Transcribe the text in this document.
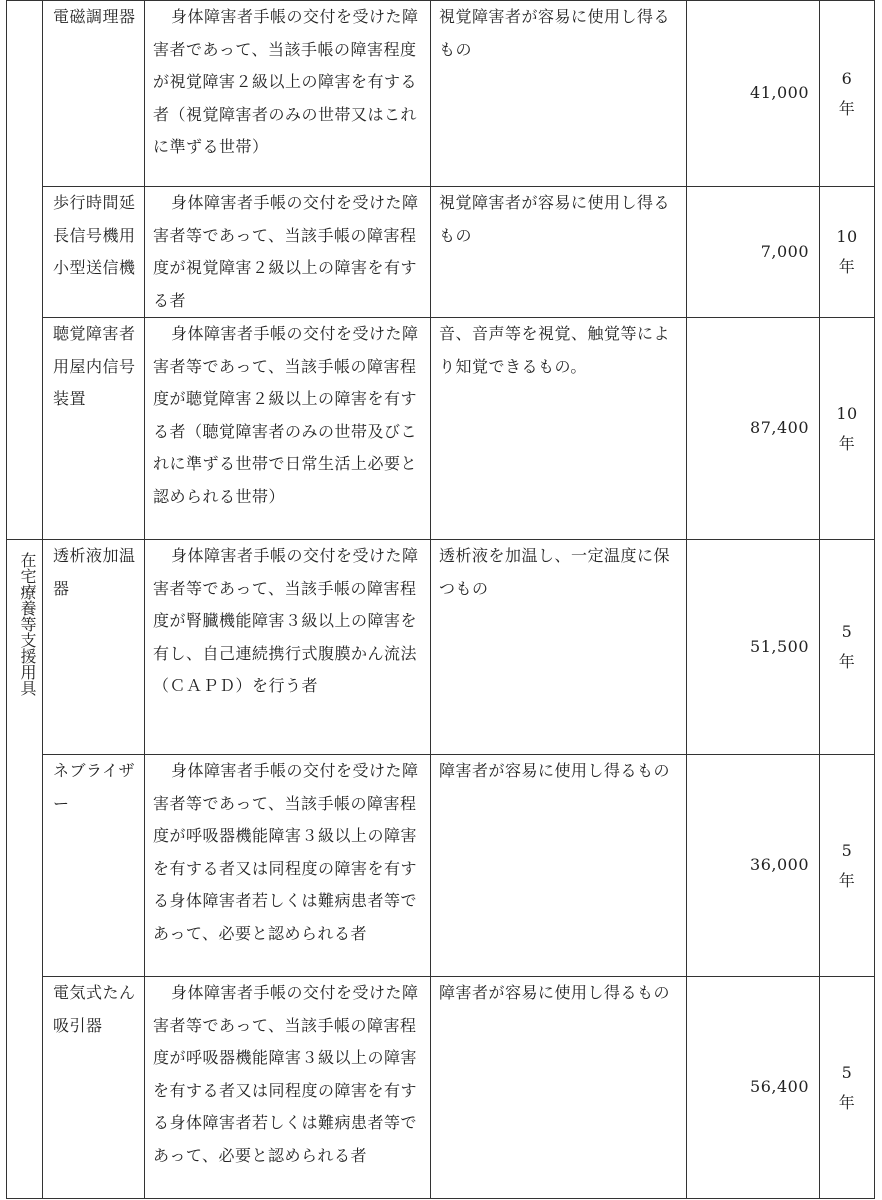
	電磁調理器	身体障害者手帳の交付を受けた障害者であって、当該手帳の障害程度が視覚障害２級以上の障害を有する者（視覚障害者のみの世帯又はこれに準ずる世帯）	視覚障害者が容易に使用し得るもの	41,000	6
年

	歩行時間延長信号機用小型送信機	身体障害者手帳の交付を受けた障害者等であって、当該手帳の障害程度が視覚障害２級以上の障害を有する者	視覚障害者が容易に使用し得るもの	7,000	10
年

	聴覚障害者用屋内信号装置	身体障害者手帳の交付を受けた障害者等であって、当該手帳の障害程度が聴覚障害２級以上の障害を有する者（聴覚障害者のみの世帯及びこれに準ずる世帯で日常生活上必要と認められる世帯）	音、音声等を視覚、触覚等により知覚できるもの。	87,400	10
年

在宅療養等支援用具	透析液加温器	身体障害者手帳の交付を受けた障害者等であって、当該手帳の障害程度が腎臓機能障害３級以上の障害を有し、自己連続携行式腹膜かん流法（ＣＡＰＤ）を行う者	透析液を加温し、一定温度に保つもの	51,500	5
年

	ネブライザー	身体障害者手帳の交付を受けた障害者等であって、当該手帳の障害程度が呼吸器機能障害３級以上の障害を有する者又は同程度の障害を有する身体障害者若しくは難病患者等であって、必要と認められる者	障害者が容易に使用し得るもの	36,000	5
年

	電気式たん吸引器	身体障害者手帳の交付を受けた障害者等であって、当該手帳の障害程度が呼吸器機能障害３級以上の障害を有する者又は同程度の障害を有する身体障害者若しくは難病患者等であって、必要と認められる者	障害者が容易に使用し得るもの	56,400	5
年
